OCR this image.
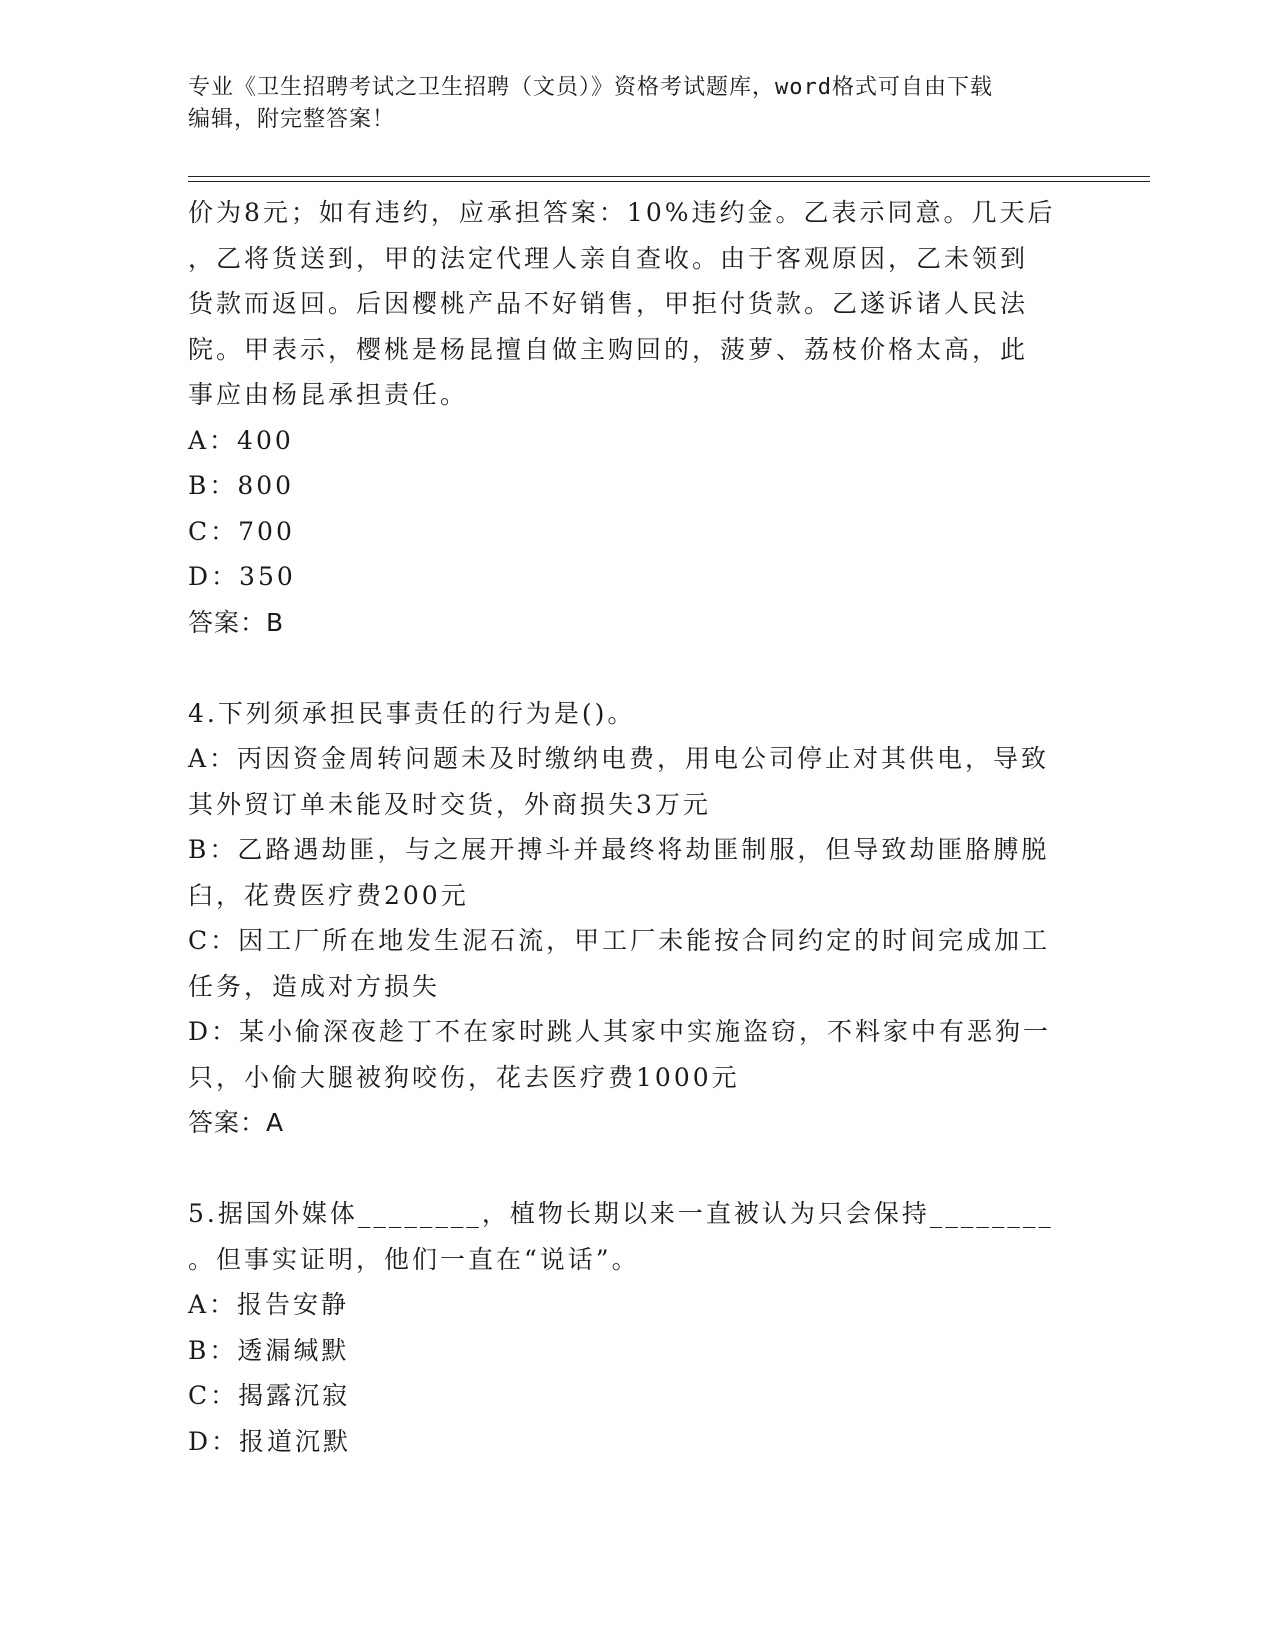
专业《卫生招聘考试之卫生招聘（文员）》资格考试题库，word格式可自由下载
编辑，附完整答案！
价为8元；如有违约，应承担答案：10%违约金。乙表示同意。几天后
，乙将货送到，甲的法定代理人亲自查收。由于客观原因，乙未领到
货款而返回。后因樱桃产品不好销售，甲拒付货款。乙遂诉诸人民法
院。甲表示，樱桃是杨昆擅自做主购回的，菠萝、荔枝价格太高，此
事应由杨昆承担责任。
A：400
B：800
C：700
D：350
答案：B
4.下列须承担民事责任的行为是()。
A：丙因资金周转问题未及时缴纳电费，用电公司停止对其供电，导致
其外贸订单未能及时交货，外商损失3万元
B：乙路遇劫匪，与之展开搏斗并最终将劫匪制服，但导致劫匪胳膊脱
臼，花费医疗费200元
C：因工厂所在地发生泥石流，甲工厂未能按合同约定的时间完成加工
任务，造成对方损失
D：某小偷深夜趁丁不在家时跳人其家中实施盗窃，不料家中有恶狗一
只，小偷大腿被狗咬伤，花去医疗费1000元
答案：A
5.据国外媒体________，植物长期以来一直被认为只会保持________
。但事实证明，他们一直在“说话”。
A：报告安静
B：透漏缄默
C：揭露沉寂
D：报道沉默
